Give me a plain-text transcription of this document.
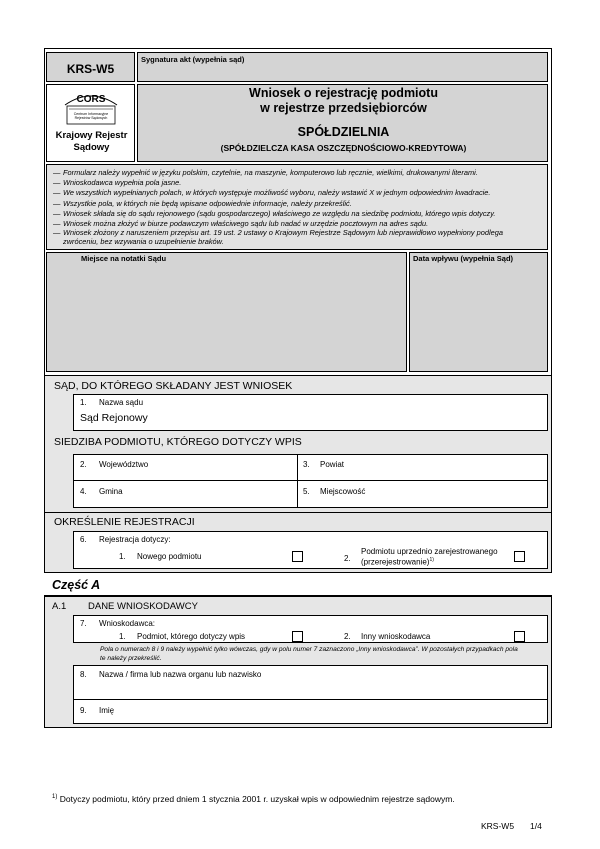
KRS-W5
Sygnatura akt (wypełnia sąd)
CORS
Centrum Informacyjne Rejestrów Sądowych
Krajowy Rejestr
Sądowy
Wniosek o rejestrację podmiotu
w rejestrze przedsiębiorców
SPÓŁDZIELNIA
(SPÓŁDZIELCZA KASA OSZCZĘDNOŚCIOWO-KREDYTOWA)
— Formularz należy wypełnić w języku polskim, czytelnie, na maszynie, komputerowo lub ręcznie, wielkimi, drukowanymi literami.
— Wnioskodawca wypełnia pola jasne.
— We wszystkich wypełnianych polach, w których występuje możliwość wyboru, należy wstawić X w jednym odpowiednim kwadracie.
— Wszystkie pola, w których nie będą wpisane odpowiednie informacje, należy przekreślić.
— Wniosek składa się do sądu rejonowego (sądu gospodarczego) właściwego ze względu na siedzibę podmiotu, którego wpis dotyczy.
— Wniosek można złożyć w biurze podawczym właściwego sądu lub nadać w urzędzie pocztowym na adres sądu.
— Wniosek złożony z naruszeniem przepisu art. 19 ust. 2 ustawy o Krajowym Rejestrze Sądowym lub nieprawidłowo wypełniony podlega
zwróceniu, bez wzywania o uzupełnienie braków.
Miejsce na notatki Sądu	Data wpływu (wypełnia Sąd)
SĄD, DO KTÓREGO SKŁADANY JEST WNIOSEK
1. Nazwa sądu
Sąd Rejonowy
SIEDZIBA PODMIOTU, KTÓREGO DOTYCZY WPIS
2. Województwo	3. Powiat
4. Gmina	5. Miejscowość
OKREŚLENIE REJESTRACJI
6. Rejestracja dotyczy:
1. Nowego podmiotu	2.
Podmiotu uprzednio zarejestrowanego
(przerejestrowanie)$^{1)}$
Część A
A.1 DANE WNIOSKODAWCY
7. Wnioskodawca:
1. Podmiot, którego dotyczy wpis	2. Inny wnioskodawca
Pola o numerach 8 i 9 należy wypełnić tylko wówczas, gdy w polu numer 7 zaznaczono „Inny wnioskodawca”. W pozostałych przypadkach pola
te należy przekreślić.
8. Nazwa / firma lub nazwa organu lub nazwisko
9. Imię
$^{1)}$ Dotyczy podmiotu, który przed dniem 1 stycznia 2001 r. uzyskał wpis w odpowiednim rejestrze sądowym.
KRS-W5 1/4
